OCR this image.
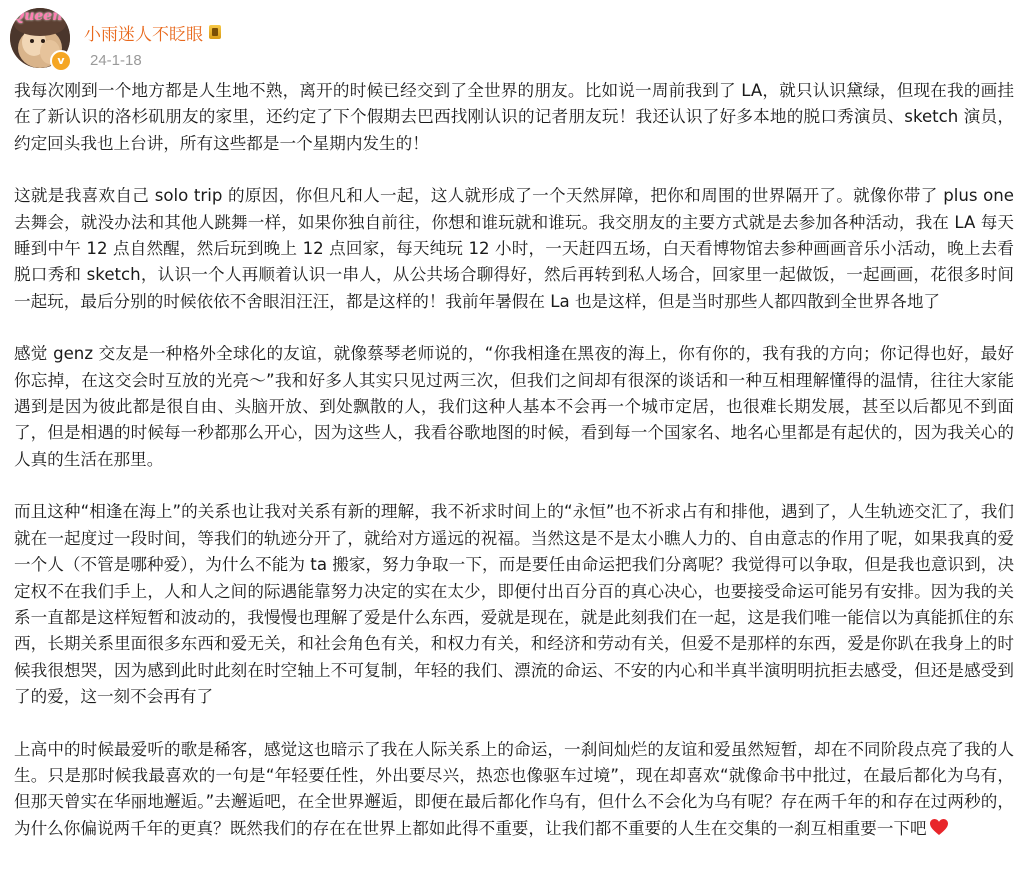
Queen
v
小雨迷人不眨眼
24-1-18

我每次刚到一个地方都是人生地不熟，离开的时候已经交到了全世界的朋友。比如说一周前我到了 LA，就只认识黛绿，但现在我的画挂在了新认识的洛杉矶朋友的家里，还约定了下个假期去巴西找刚认识的记者朋友玩！我还认识了好多本地的脱口秀演员、sketch 演员，约定回头我也上台讲，所有这些都是一个星期内发生的！

这就是我喜欢自己 solo trip 的原因，你但凡和人一起，这人就形成了一个天然屏障，把你和周围的世界隔开了。就像你带了 plus one 去舞会，就没办法和其他人跳舞一样，如果你独自前往，你想和谁玩就和谁玩。我交朋友的主要方式就是去参加各种活动，我在 LA 每天睡到中午 12 点自然醒，然后玩到晚上 12 点回家，每天纯玩 12 小时，一天赶四五场，白天看博物馆去参种画画音乐小活动，晚上去看脱口秀和 sketch，认识一个人再顺着认识一串人，从公共场合聊得好，然后再转到私人场合，回家里一起做饭，一起画画，花很多时间一起玩，最后分别的时候依依不舍眼泪汪汪，都是这样的！我前年暑假在 La 也是这样，但是当时那些人都四散到全世界各地了

感觉 genz 交友是一种格外全球化的友谊，就像蔡琴老师说的，“你我相逢在黑夜的海上，你有你的，我有我的方向；你记得也好，最好你忘掉，在这交会时互放的光亮～”我和好多人其实只见过两三次，但我们之间却有很深的谈话和一种互相理解懂得的温情，往往大家能遇到是因为彼此都是很自由、头脑开放、到处飘散的人，我们这种人基本不会再一个城市定居，也很难长期发展，甚至以后都见不到面了，但是相遇的时候每一秒都那么开心，因为这些人，我看谷歌地图的时候，看到每一个国家名、地名心里都是有起伏的，因为我关心的人真的生活在那里。

而且这种“相逢在海上”的关系也让我对关系有新的理解，我不祈求时间上的“永恒”也不祈求占有和排他，遇到了，人生轨迹交汇了，我们就在一起度过一段时间，等我们的轨迹分开了，就给对方遥远的祝福。当然这是不是太小瞧人力的、自由意志的作用了呢，如果我真的爱一个人（不管是哪种爱），为什么不能为 ta 搬家，努力争取一下，而是要任由命运把我们分离呢？我觉得可以争取，但是我也意识到，决定权不在我们手上，人和人之间的际遇能靠努力决定的实在太少，即便付出百分百的真心决心，也要接受命运可能另有安排。因为我的关系一直都是这样短暂和波动的，我慢慢也理解了爱是什么东西，爱就是现在，就是此刻我们在一起，这是我们唯一能信以为真能抓住的东西，长期关系里面很多东西和爱无关，和社会角色有关，和权力有关，和经济和劳动有关，但爱不是那样的东西，爱是你趴在我身上的时候我很想哭，因为感到此时此刻在时空轴上不可复制，年轻的我们、漂流的命运、不安的内心和半真半演明明抗拒去感受，但还是感受到了的爱，这一刻不会再有了

上高中的时候最爱听的歌是稀客，感觉这也暗示了我在人际关系上的命运，一刹间灿烂的友谊和爱虽然短暂，却在不同阶段点亮了我的人生。只是那时候我最喜欢的一句是“年轻要任性，外出要尽兴，热恋也像驱车过境”，现在却喜欢“就像命书中批过，在最后都化为乌有，但那天曾实在华丽地邂逅。”去邂逅吧，在全世界邂逅，即便在最后都化作乌有，但什么不会化为乌有呢？存在两千年的和存在过两秒的，为什么你偏说两千年的更真？既然我们的存在在世界上都如此得不重要，让我们都不重要的人生在交集的一刹互相重要一下吧
